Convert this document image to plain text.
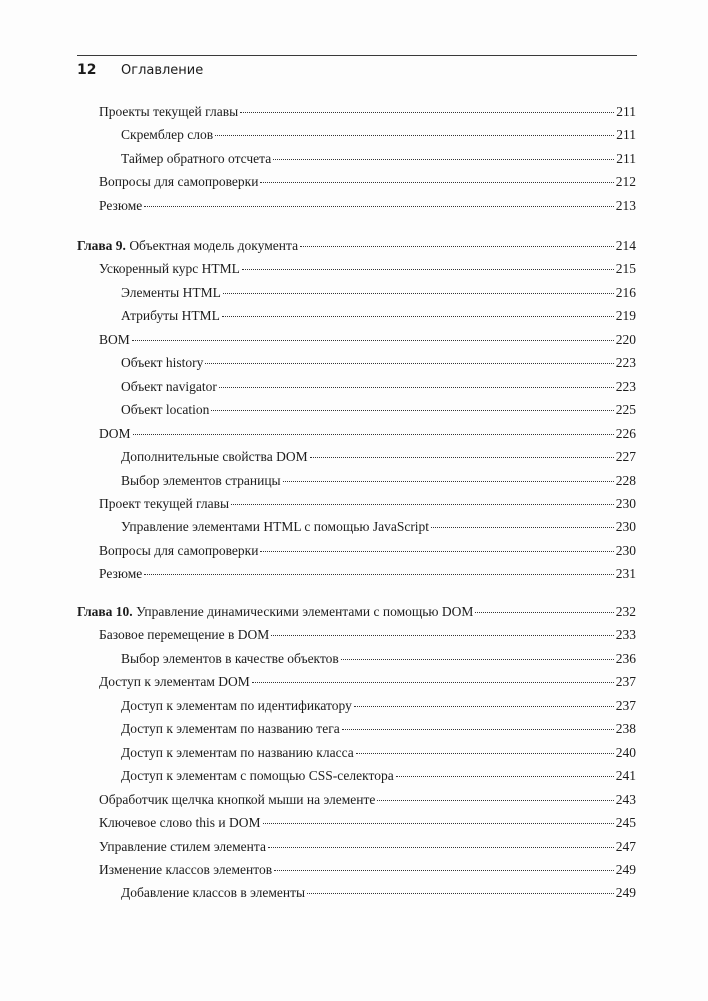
12	Оглавление
Проекты текущей главы	211
Скремблер слов	211
Таймер обратного отсчета	211
Вопросы для самопроверки	212
Резюме	213
Глава 9. Объектная модель документа	214
Ускоренный курс HTML	215
Элементы HTML	216
Атрибуты HTML	219
BOM	220
Объект history	223
Объект navigator	223
Объект location	225
DOM	226
Дополнительные свойства DOM	227
Выбор элементов страницы	228
Проект текущей главы	230
Управление элементами HTML с помощью JavaScript	230
Вопросы для самопроверки	230
Резюме	231
Глава 10. Управление динамическими элементами с помощью DOM	232
Базовое перемещение в DOM	233
Выбор элементов в качестве объектов	236
Доступ к элементам DOM	237
Доступ к элементам по идентификатору	237
Доступ к элементам по названию тега	238
Доступ к элементам по названию класса	240
Доступ к элементам с помощью CSS-селектора	241
Обработчик щелчка кнопкой мыши на элементе	243
Ключевое слово this и DOM	245
Управление стилем элемента	247
Изменение классов элементов	249
Добавление классов в элементы	249
